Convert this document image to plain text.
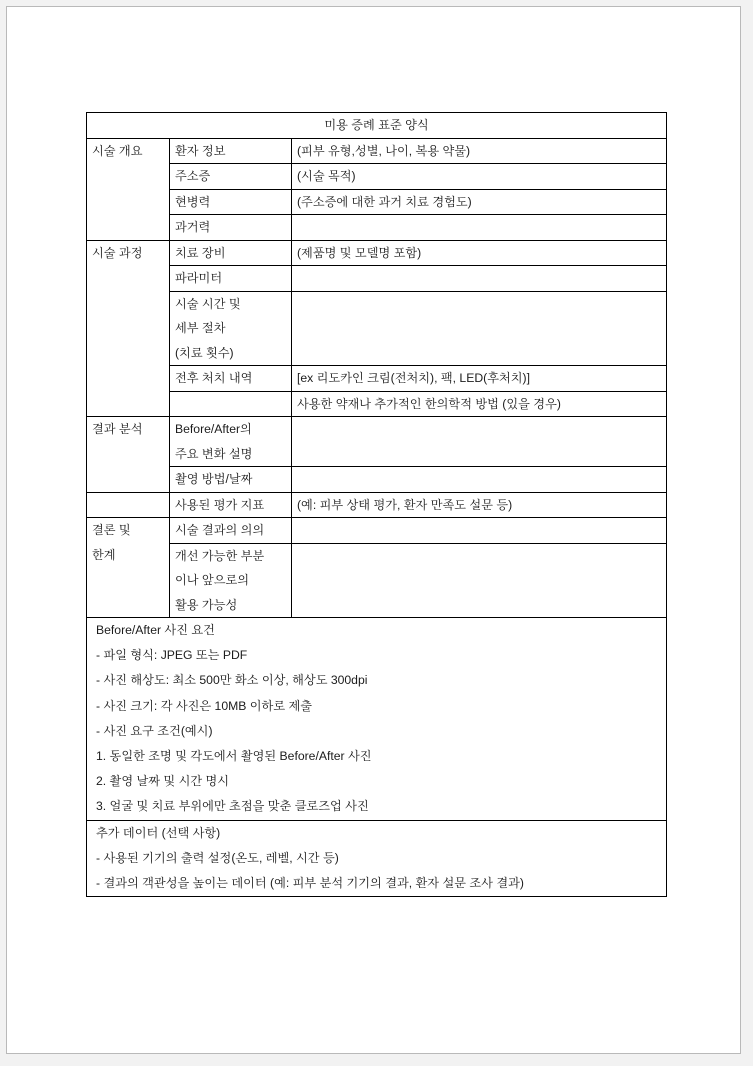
미용 증례 표준 양식		
시술 개요	환자 정보	(피부 유형,성별, 나이, 복용 약물)
	주소증	(시술 목적)
	현병력	(주소증에 대한 과거 치료 경험도)
	과거력	
시술 과정	치료 장비	(제품명 및 모델명 포함)
	파라미터	

	시술 시간 및
세부 절차
(치료 횟수)	

	전후 처치 내역	[ex 리도카인 크림(전처치), 팩, LED(후처치)]
		사용한 약재나 추가적인 한의학적 방법 (있을 경우)
결과 분석	Before/After의
주요 변화 설명	

	촬영 방법/날짜	
	사용된 평가 지표	(예: 피부 상태 평가, 환자 만족도 설문 등)

결론 및
한계	시술 결과의 의의	

	개선 가능한 부분
이나 앞으로의
활용 가능성	

Before/After 사진 요건
- 파일 형식: JPEG 또는 PDF
- 사진 해상도: 최소 500만 화소 이상, 해상도 300dpi
- 사진 크기: 각 사진은 10MB 이하로 제출
- 사진 요구 조건(예시)
1. 동일한 조명 및 각도에서 촬영된 Before/After 사진
2. 촬영 날짜 및 시간 명시
3. 얼굴 및 치료 부위에만 초점을 맞춘 클로즈업 사진

추가 데이터 (선택 사항)
- 사용된 기기의 출력 설정(온도, 레벨, 시간 등)
- 결과의 객관성을 높이는 데이터 (예: 피부 분석 기기의 결과, 환자 설문 조사 결과)		
